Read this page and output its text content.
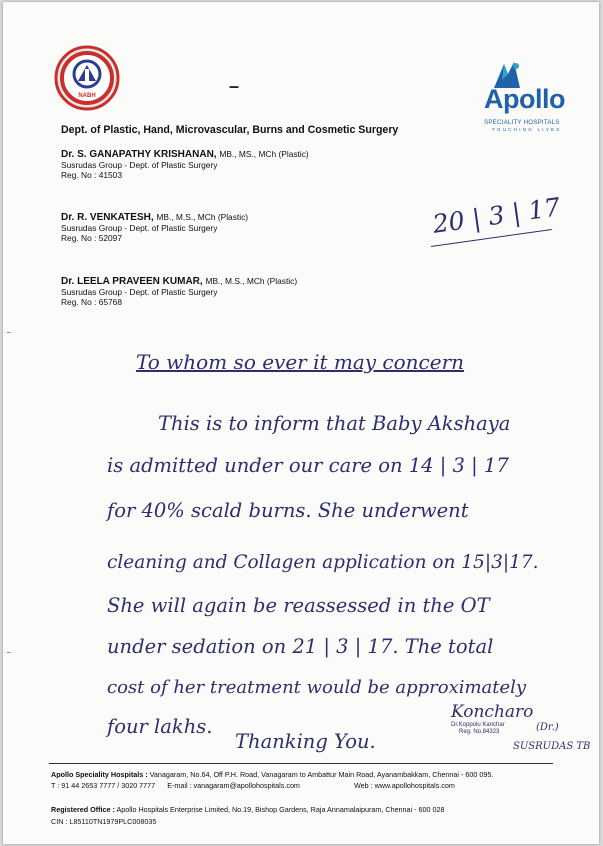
NABH	–	Apollo
SPECIALITY HOSPITALS
TOUCHING LIVES
Dept. of Plastic, Hand, Microvascular, Burns and Cosmetic Surgery
Dr. S. GANAPATHY KRISHANAN, MB., MS., MCh (Plastic)
Susrudas Group - Dept. of Plastic Surgery
Reg. No : 41503
Dr. R. VENKATESH, MB., M.S., MCh (Plastic)
Susrudas Group - Dept. of Plastic Surgery
Reg. No : 52097
Dr. LEELA PRAVEEN KUMAR, MB., M.S., MCh (Plastic)
Susrudas Group - Dept. of Plastic Surgery
Reg. No : 65768
20 | 3 | 17
To whom so ever it may concern
This is to inform that Baby Akshaya
is admitted under our care on 14 | 3 | 17
for 40% scald burns. She underwent
cleaning and Collagen application on 15|3|17.
She will again be reassessed in the OT
under sedation on 21 | 3 | 17. The total
cost of her treatment would be approximately
four lakhs.
Thanking You.
Koncharo
Dr.Koppolu Kanchar
Reg. No.84323	(Dr.)
SUSRUDAS TB
Apollo Speciality Hospitals : Vanagaram, No.64, Off P.H. Road, Vanagaram to Ambattur Main Road, Ayanambakkam, Chennai - 600 095.
T : 91 44 2653 7777 / 3020 7777 E-mail : vanagaram@apollohospitals.com	Web : www.apollohospitals.com
Registered Office : Apollo Hospitals Enterprise Limited, No.19, Bishop Gardens, Raja Annamalaipuram, Chennai - 600 028
CIN : L85110TN1979PLC008035
